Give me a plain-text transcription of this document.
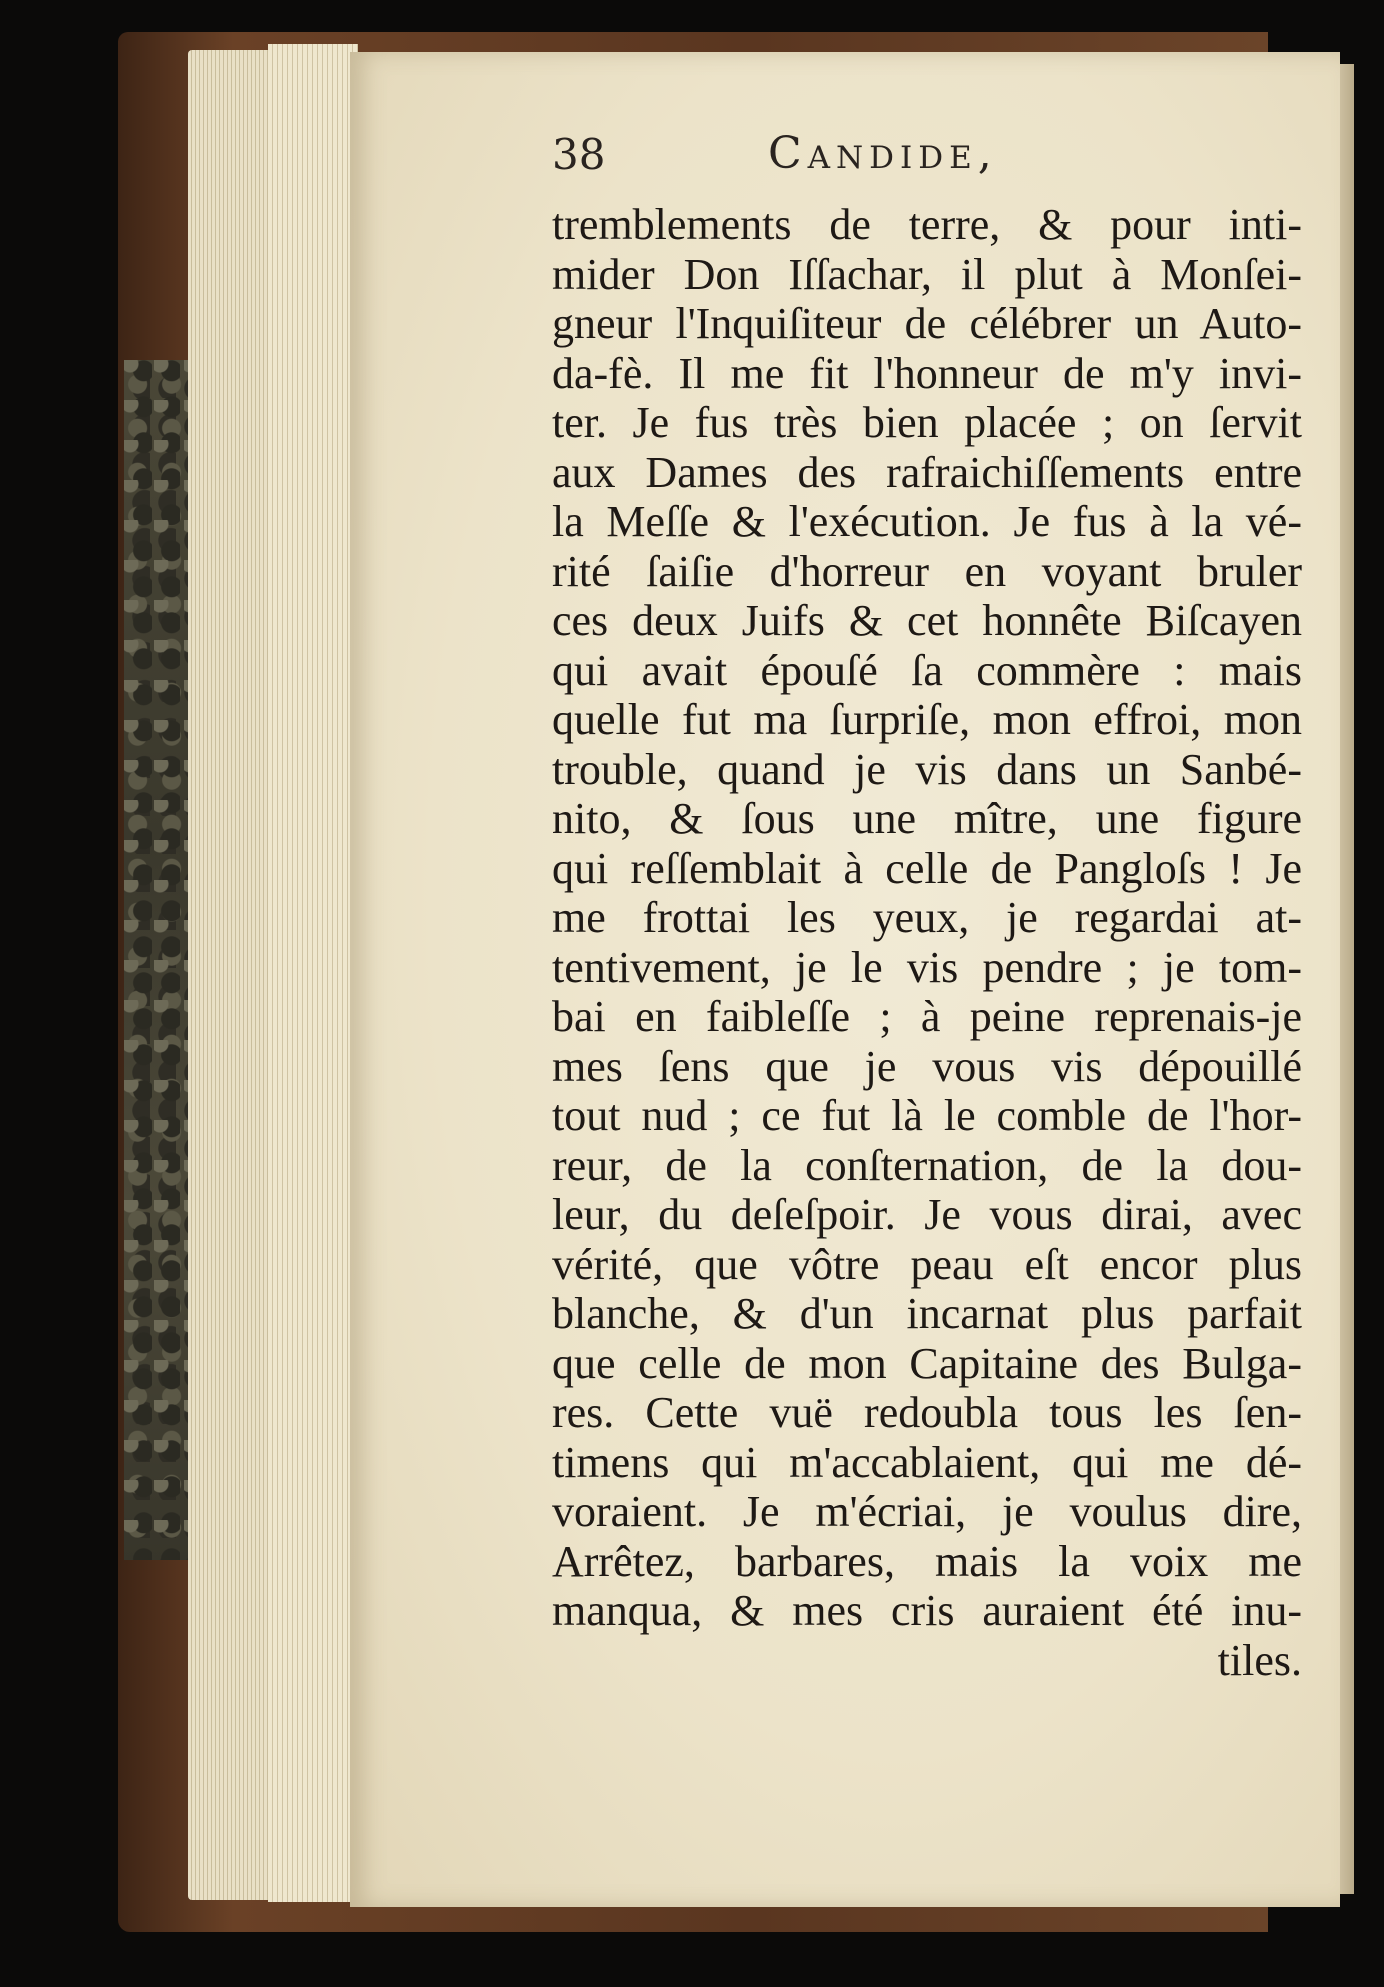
38	Candide,
tremblements de terre, & pour inti-
mider Don Iſſachar, il plut à Monſei-
gneur l'Inquiſiteur de célébrer un Auto-
da-fè. Il me fit l'honneur de m'y invi-
ter. Je fus très bien placée ; on ſervit
aux Dames des rafraichiſſements entre
la Meſſe & l'exécution. Je fus à la vé-
rité ſaiſie d'horreur en voyant bruler
ces deux Juifs & cet honnête Biſcayen
qui avait épouſé ſa commère : mais
quelle fut ma ſurpriſe, mon effroi, mon
trouble, quand je vis dans un Sanbé-
nito, & ſous une mître, une figure
qui reſſemblait à celle de Pangloſs ! Je
me frottai les yeux, je regardai at-
tentivement, je le vis pendre ; je tom-
bai en faibleſſe ; à peine reprenais-je
mes ſens que je vous vis dépouillé
tout nud ; ce fut là le comble de l'hor-
reur, de la conſternation, de la dou-
leur, du deſeſpoir. Je vous dirai, avec
vérité, que vôtre peau eſt encor plus
blanche, & d'un incarnat plus parfait
que celle de mon Capitaine des Bulga-
res. Cette vuë redoubla tous les ſen-
timens qui m'accablaient, qui me dé-
voraient. Je m'écriai, je voulus dire,
Arrêtez, barbares, mais la voix me
manqua, & mes cris auraient été inu-
tiles.
